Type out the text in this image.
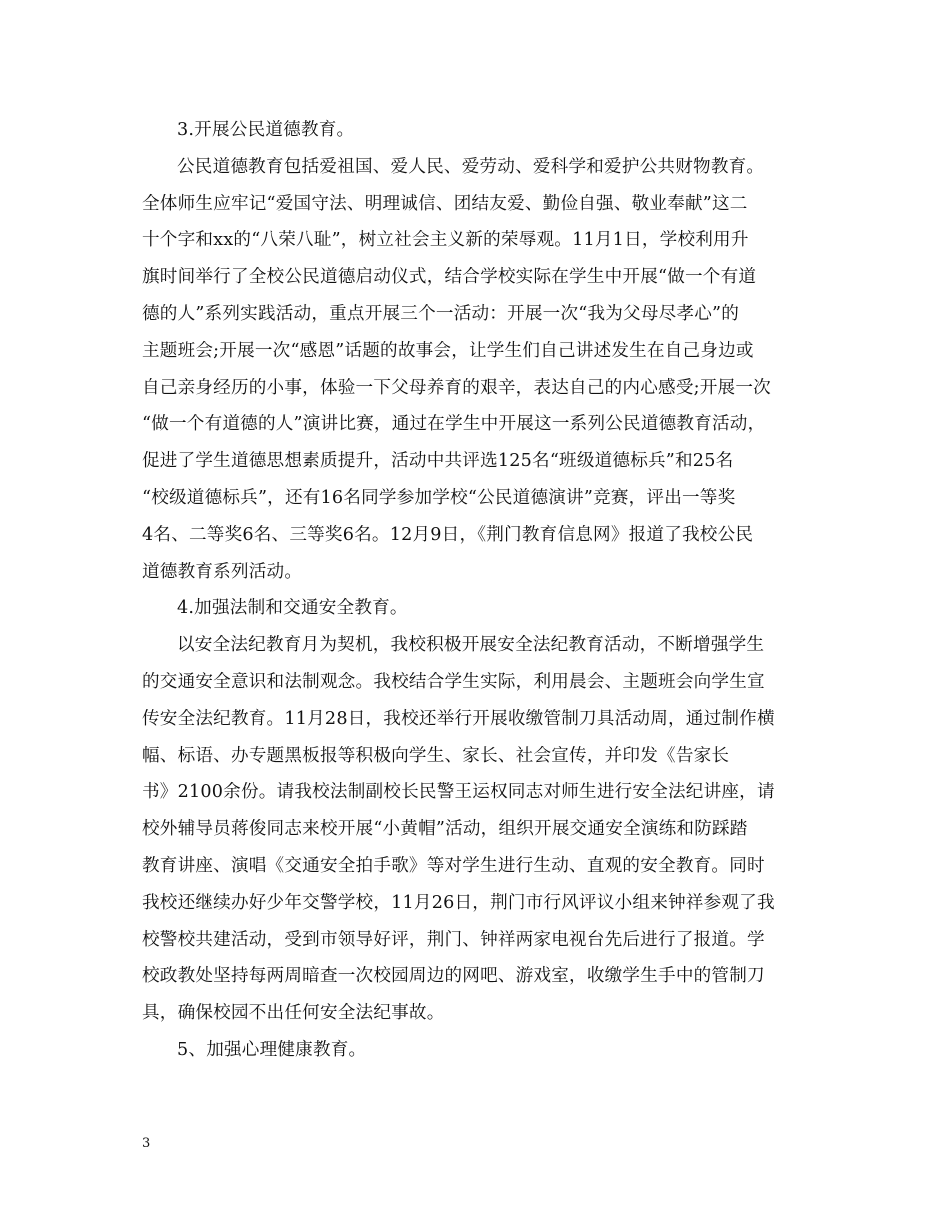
3.开展公民道德教育。
公民道德教育包括爱祖国、爱人民、爱劳动、爱科学和爱护公共财物教育。
全体师生应牢记“爱国守法、明理诚信、团结友爱、勤俭自强、敬业奉献”这二
十个字和xx的“八荣八耻”，树立社会主义新的荣辱观。11月1日，学校利用升
旗时间举行了全校公民道德启动仪式，结合学校实际在学生中开展“做一个有道
德的人”系列实践活动，重点开展三个一活动：开展一次“我为父母尽孝心”的
主题班会;开展一次“感恩”话题的故事会，让学生们自己讲述发生在自己身边或
自己亲身经历的小事，体验一下父母养育的艰辛，表达自己的内心感受;开展一次
“做一个有道德的人”演讲比赛，通过在学生中开展这一系列公民道德教育活动，
促进了学生道德思想素质提升，活动中共评选125名“班级道德标兵”和25名
“校级道德标兵”，还有16名同学参加学校“公民道德演讲”竞赛，评出一等奖
4名、二等奖6名、三等奖6名。12月9日，《荆门教育信息网》报道了我校公民
道德教育系列活动。
4.加强法制和交通安全教育。
以安全法纪教育月为契机，我校积极开展安全法纪教育活动，不断增强学生
的交通安全意识和法制观念。我校结合学生实际，利用晨会、主题班会向学生宣
传安全法纪教育。11月28日，我校还举行开展收缴管制刀具活动周，通过制作横
幅、标语、办专题黑板报等积极向学生、家长、社会宣传，并印发《告家长
书》2100余份。请我校法制副校长民警王运权同志对师生进行安全法纪讲座，请
校外辅导员蒋俊同志来校开展“小黄帽”活动，组织开展交通安全演练和防踩踏
教育讲座、演唱《交通安全拍手歌》等对学生进行生动、直观的安全教育。同时
我校还继续办好少年交警学校，11月26日，荆门市行风评议小组来钟祥参观了我
校警校共建活动，受到市领导好评，荆门、钟祥两家电视台先后进行了报道。学
校政教处坚持每两周暗查一次校园周边的网吧、游戏室，收缴学生手中的管制刀
具，确保校园不出任何安全法纪事故。
5、加强心理健康教育。
3
